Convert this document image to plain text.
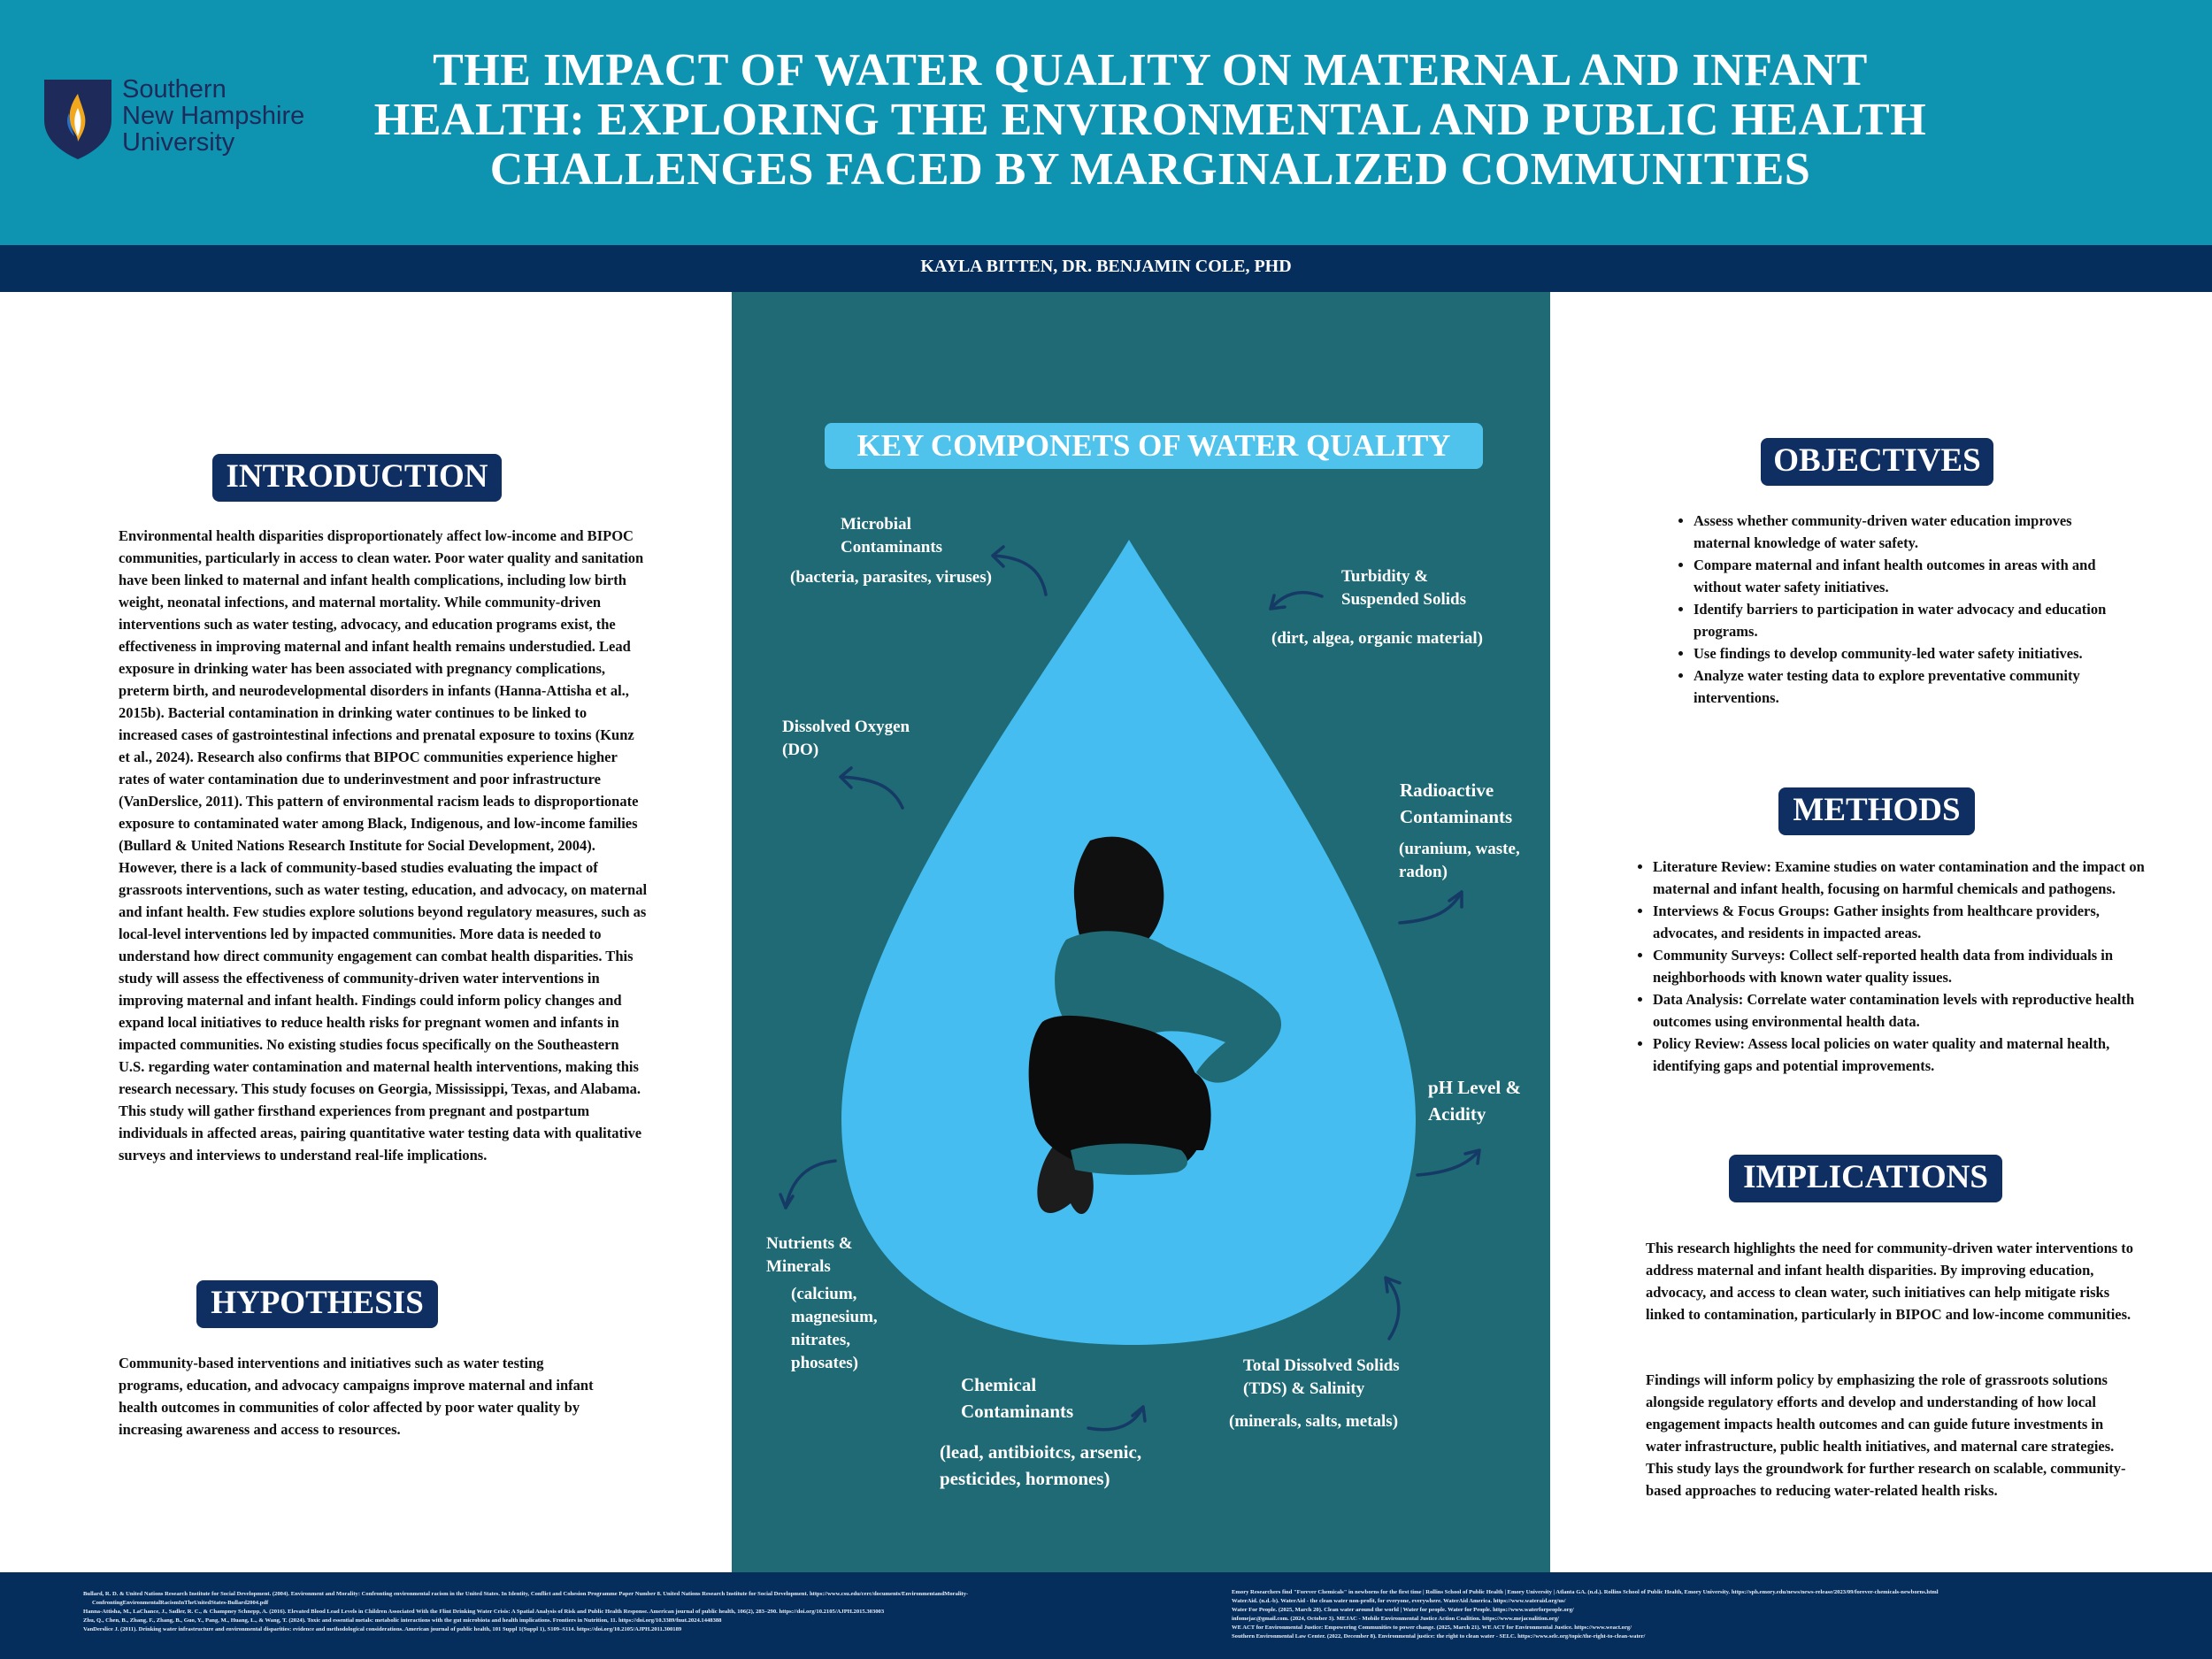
Southern
New Hampshire
University
THE IMPACT OF WATER QUALITY ON MATERNAL AND INFANT HEALTH: EXPLORING THE ENVIRONMENTAL AND PUBLIC HEALTH CHALLENGES FACED BY MARGINALIZED COMMUNITIES
KAYLA BITTEN, DR. BENJAMIN COLE, PHD
INTRODUCTION
Environmental health disparities disproportionately affect low-income and BIPOC communities, particularly in access to clean water. Poor water quality and sanitation have been linked to maternal and infant health complications, including low birth weight, neonatal infections, and maternal mortality. While community-driven interventions such as water testing, advocacy, and education programs exist, the effectiveness in improving maternal and infant health remains understudied. Lead exposure in drinking water has been associated with pregnancy complications, preterm birth, and neurodevelopmental disorders in infants (Hanna-Attisha et al., 2015b). Bacterial contamination in drinking water continues to be linked to increased cases of gastrointestinal infections and prenatal exposure to toxins (Kunz et al., 2024). Research also confirms that BIPOC communities experience higher rates of water contamination due to underinvestment and poor infrastructure (VanDerslice, 2011). This pattern of environmental racism leads to disproportionate exposure to contaminated water among Black, Indigenous, and low-income families (Bullard & United Nations Research Institute for Social Development, 2004). However, there is a lack of community-based studies evaluating the impact of grassroots interventions, such as water testing, education, and advocacy, on maternal and infant health. Few studies explore solutions beyond regulatory measures, such as local-level interventions led by impacted communities. More data is needed to understand how direct community engagement can combat health disparities. This study will assess the effectiveness of community-driven water interventions in improving maternal and infant health. Findings could inform policy changes and expand local initiatives to reduce health risks for pregnant women and infants in impacted communities. No existing studies focus specifically on the Southeastern U.S. regarding water contamination and maternal health interventions, making this research necessary. This study focuses on Georgia, Mississippi, Texas, and Alabama. This study will gather firsthand experiences from pregnant and postpartum individuals in affected areas, pairing quantitative water testing data with qualitative surveys and interviews to understand real-life implications.
HYPOTHESIS
Community-based interventions and initiatives such as water testing programs, education, and advocacy campaigns improve maternal and infant health outcomes in communities of color affected by poor water quality by increasing awareness and access to resources.
KEY COMPONETS OF WATER QUALITY
Microbial Contaminants
(bacteria, parasites, viruses)	Turbidity & Suspended Solids
(dirt, algea, organic material)
Dissolved Oxygen (DO)
Radioactive Contaminants
(uranium, waste, radon)
pH Level & Acidity
Nutrients & Minerals
(calcium, magnesium, nitrates, phosates)
Chemical Contaminants
(lead, antibioitcs, arsenic, pesticides, hormones)
Total Dissolved Solids (TDS) & Salinity
(minerals, salts, metals)
OBJECTIVES
• Assess whether community-driven water education improves maternal knowledge of water safety.
• Compare maternal and infant health outcomes in areas with and without water safety initiatives.
• Identify barriers to participation in water advocacy and education programs.
• Use findings to develop community-led water safety initiatives.
• Analyze water testing data to explore preventative community interventions.
METHODS
• Literature Review: Examine studies on water contamination and the impact on maternal and infant health, focusing on harmful chemicals and pathogens.
• Interviews & Focus Groups: Gather insights from healthcare providers, advocates, and residents in impacted areas.
• Community Surveys: Collect self-reported health data from individuals in neighborhoods with known water quality issues.
• Data Analysis: Correlate water contamination levels with reproductive health outcomes using environmental health data.
• Policy Review: Assess local policies on water quality and maternal health, identifying gaps and potential improvements.
IMPLICATIONS
This research highlights the need for community-driven water interventions to address maternal and infant health disparities. By improving education, advocacy, and access to clean water, such initiatives can help mitigate risks linked to contamination, particularly in BIPOC and low-income communities.
Findings will inform policy by emphasizing the role of grassroots solutions alongside regulatory efforts and develop and understanding of how local engagement impacts health outcomes and can guide future investments in water infrastructure, public health initiatives, and maternal care strategies. This study lays the groundwork for further research on scalable, community-based approaches to reducing water-related health risks.
Bullard, R. D. & United Nations Research Institute for Social Development. (2004). Environment and Morality: Confronting environmental racism in the United States. In Identity, Conflict and Cohesion Programme Paper Number 8. United Nations Research Institute for Social Development. https://www.csu.edu/cerc/documents/EnvironmentandMorality-
ConfrontingEnvironmentalRacismInTheUnitedStates-Bullard2004.pdf
Hanna-Attisha, M., LaChance, J., Sadler, R. C., & Champney Schnepp, A. (2016). Elevated Blood Lead Levels in Children Associated With the Flint Drinking Water Crisis: A Spatial Analysis of Risk and Public Health Response. American journal of public health, 106(2), 283–290. https://doi.org/10.2105/AJPH.2015.303003
Zhu, Q., Chen, B., Zhang, F., Zhang, B., Guo, Y., Pang, M., Huang, L., & Wang, T. (2024). Toxic and essential metals: metabolic interactions with the gut microbiota and health implications. Frontiers in Nutrition, 11. https://doi.org/10.3389/fnut.2024.1448388
VanDerslice J. (2011). Drinking water infrastructure and environmental disparities: evidence and methodological considerations. American journal of public health, 101 Suppl 1(Suppl 1), S109–S114. https://doi.org/10.2105/AJPH.2011.300189
Emory Researchers find "Forever Chemicals" in newborns for the first time | Rollins School of Public Health | Emory University | Atlanta GA. (n.d.). Rollins School of Public Health, Emory University. https://sph.emory.edu/news/news-release/2023/09/forever-chemicals-newborns.html
WaterAid. (n.d.-b). WaterAid - the clean water non-profit, for everyone, everywhere. WaterAid America. https://www.wateraid.org/us/
Water For People. (2025, March 20). Clean water around the world | Water for people. Water for People. https://www.waterforpeople.org/
infomejac@gmail.com. (2024, October 3). MEJAC - Mobile Environmental Justice Action Coalition. https://www.mejacoalition.org/
WE ACT for Environmental Justice: Empowering Communities to power change. (2025, March 21). WE ACT for Environmental Justice. https://www.weact.org/
Southern Environmental Law Center. (2022, December 8). Environmental justice: the right to clean water - SELC. https://www.selc.org/topic/the-right-to-clean-water/
